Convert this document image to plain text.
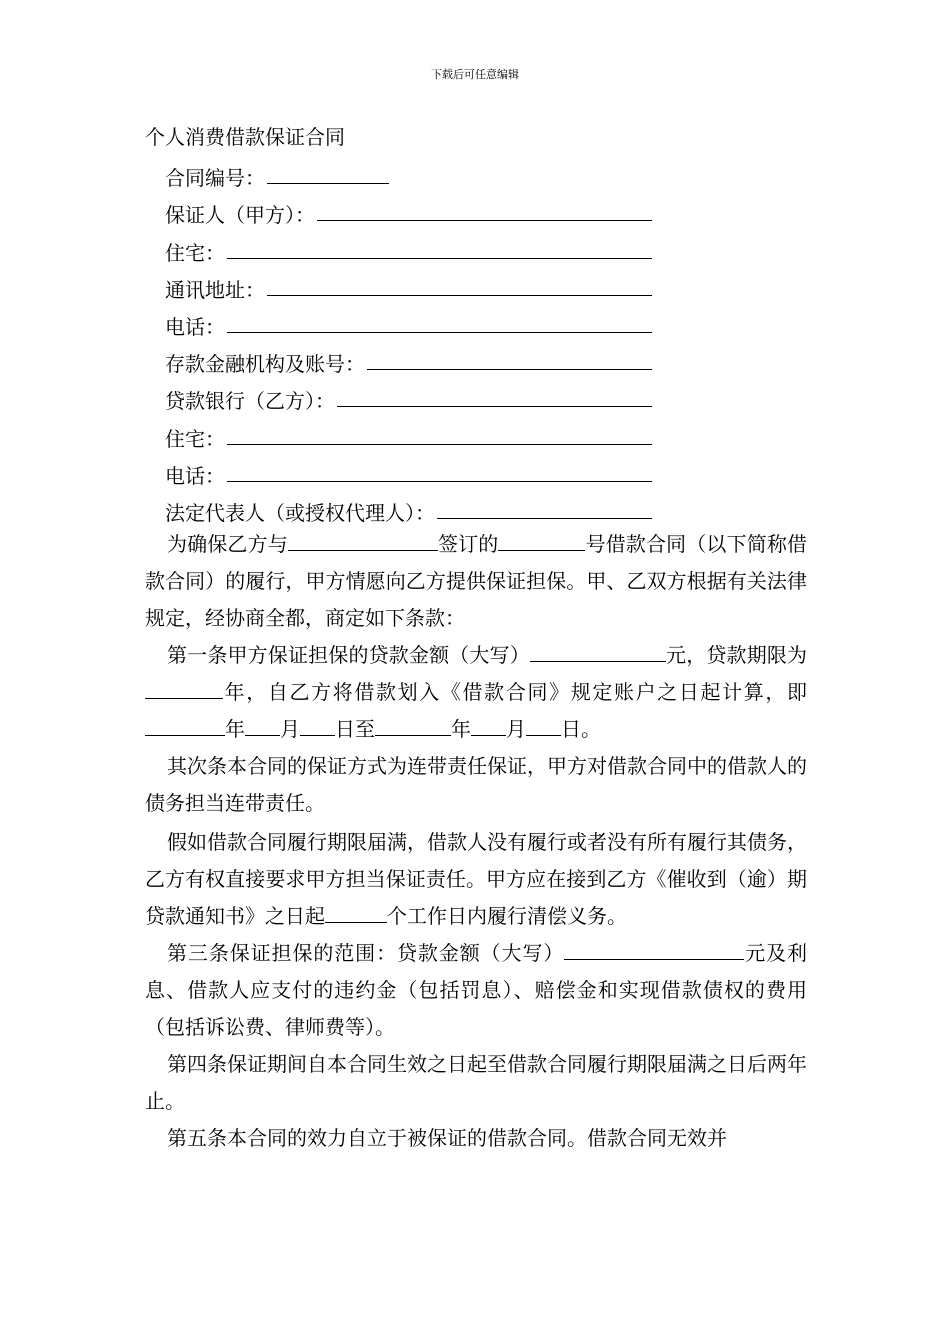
下载后可任意编辑
个人消费借款保证合同
合同编号：
保证人（甲方）：
住宅：
通讯地址：
电话：
存款金融机构及账号：
贷款银行（乙方）：
住宅：
电话：
法定代表人（或授权代理人）：

为确保乙方与	签订的	号借款合同（以下简称借款合同）的履行，甲方情愿向乙方提供保证担保。甲、乙双方根据有关法律规定，经协商全都，商定如下条款：

第一条甲方保证担保的贷款金额（大写）	元，贷款期限为年，自乙方将借款划入《借款合同》规定账户之日起计算，即年 月 日至	年 月 日。

其次条本合同的保证方式为连带责任保证，甲方对借款合同中的借款人的债务担当连带责任。

假如借款合同履行期限届满，借款人没有履行或者没有所有履行其债务，乙方有权直接要求甲方担当保证责任。甲方应在接到乙方《催收到（逾）期贷款通知书》之日起	个工作日内履行清偿义务。

第三条保证担保的范围：贷款金额（大写）	元及利息、借款人应支付的违约金（包括罚息）、赔偿金和实现借款债权的费用（包括诉讼费、律师费等）。

第四条保证期间自本合同生效之日起至借款合同履行期限届满之日后两年止。

第五条本合同的效力自立于被保证的借款合同。借款合同无效并
